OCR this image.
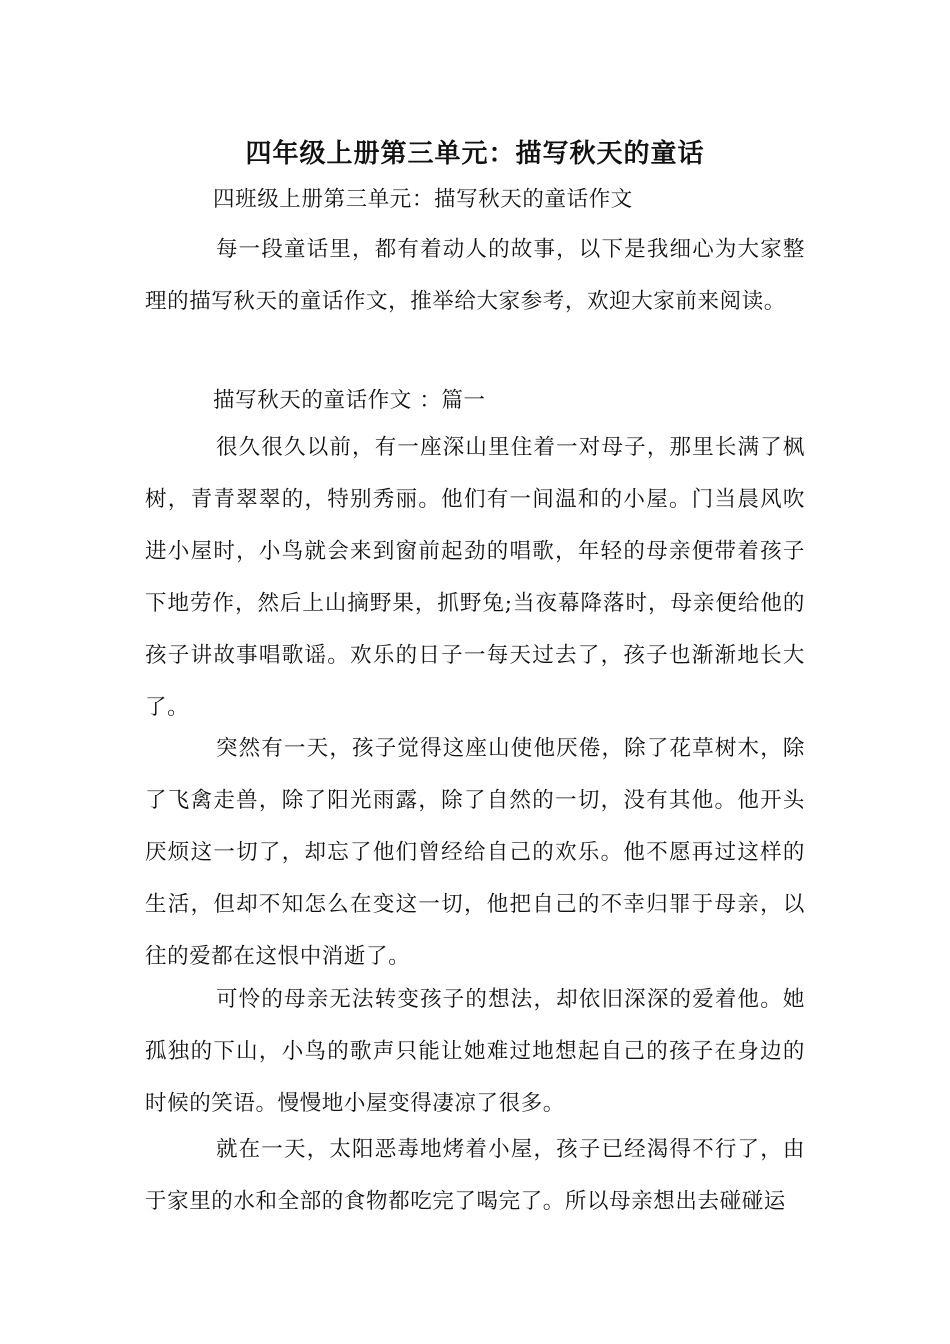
四年级上册第三单元：描写秋天的童话

四班级上册第三单元：描写秋天的童话作文

每一段童话里，都有着动人的故事，以下是我细心为大家整理的描写秋天的童话作文，推举给大家参考，欢迎大家前来阅读。

描写秋天的童话作文 ：篇一

很久很久以前，有一座深山里住着一对母子，那里长满了枫树，青青翠翠的，特别秀丽。他们有一间温和的小屋。门当晨风吹进小屋时，小鸟就会来到窗前起劲的唱歌，年轻的母亲便带着孩子下地劳作，然后上山摘野果，抓野兔;当夜幕降落时，母亲便给他的孩子讲故事唱歌谣。欢乐的日子一每天过去了，孩子也渐渐地长大了。

突然有一天，孩子觉得这座山使他厌倦，除了花草树木，除了飞禽走兽，除了阳光雨露，除了自然的一切，没有其他。他开头厌烦这一切了，却忘了他们曾经给自己的欢乐。他不愿再过这样的生活，但却不知怎么在变这一切，他把自己的不幸归罪于母亲，以往的爱都在这恨中消逝了。

可怜的母亲无法转变孩子的想法，却依旧深深的爱着他。她孤独的下山，小鸟的歌声只能让她难过地想起自己的孩子在身边的时候的笑语。慢慢地小屋变得凄凉了很多。

就在一天，太阳恶毒地烤着小屋，孩子已经渴得不行了，由于家里的水和全部的食物都吃完了喝完了。所以母亲想出去碰碰运
